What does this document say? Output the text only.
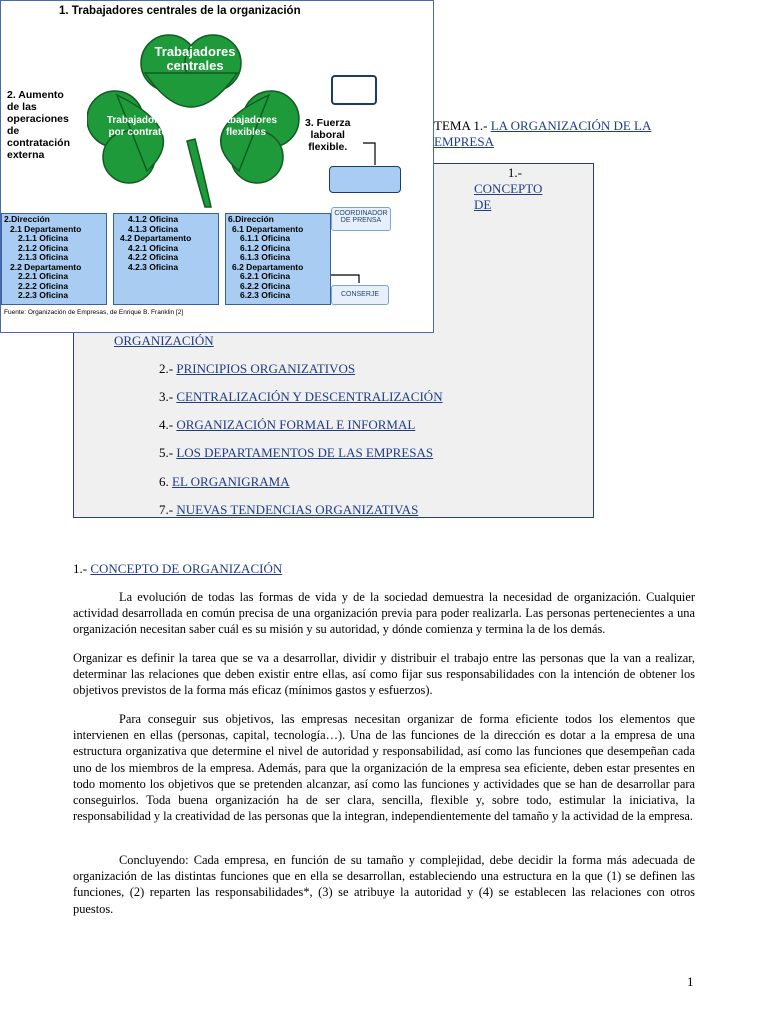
TEMA 1.- LA ORGANIZACIÓN DE LA EMPRESA
1.-
CONCEPTO
DE
ORGANIZACIÓN
2.- PRINCIPIOS ORGANIZATIVOS
3.- CENTRALIZACIÓN Y DESCENTRALIZACIÓN
4.- ORGANIZACIÓN FORMAL E INFORMAL
5.- LOS DEPARTAMENTOS DE LAS EMPRESAS
6. EL ORGANIGRAMA
7.- NUEVAS TENDENCIAS ORGANIZATIVAS
1. Trabajadores centrales de la organización
2. Aumento
de las
operaciones
de
contratación
externa
3. Fuerza
laboral
flexible.
Trabajadores
centrales
Trabajadores
por contrato
Trabajadores
flexibles
2.Dirección
2.1 Departamento
2.1.1 Oficina
2.1.2 Oficina
2.1.3 Oficina
2.2 Departamento
2.2.1 Oficina
2.2.2 Oficina
2.2.3 Oficina
4.1.2 Oficina
4.1.3 Oficina
4.2 Departamento
4.2.1 Oficina
4.2.2 Oficina
4.2.3 Oficina
6.Dirección
6.1 Departamento
6.1.1 Oficina
6.1.2 Oficina
6.1.3 Oficina
6.2 Departamento
6.2.1 Oficina
6.2.2 Oficina
6.2.3 Oficina
COORDINADOR
DE PRENSA
CONSERJE
Fuente: Organización de Empresas, de Enrique B. Franklin [2]
1.- CONCEPTO DE ORGANIZACIÓN

La evolución de todas las formas de vida y de la sociedad demuestra la necesidad de organización. Cualquier actividad desarrollada en común precisa de una organización previa para poder realizarla. Las personas pertenecientes a una organización necesitan saber cuál es su misión y su autoridad, y dónde comienza y termina la de los demás.

Organizar es definir la tarea que se va a desarrollar, dividir y distribuir el trabajo entre las personas que la van a realizar, determinar las relaciones que deben existir entre ellas, así como fijar sus responsabilidades con la intención de obtener los objetivos previstos de la forma más eficaz (mínimos gastos y esfuerzos).

Para conseguir sus objetivos, las empresas necesitan organizar de forma eficiente todos los elementos que intervienen en ellas (personas, capital, tecnología…). Una de las funciones de la dirección es dotar a la empresa de una estructura organizativa que determine el nivel de autoridad y responsabilidad, así como las funciones que desempeñan cada uno de los miembros de la empresa. Además, para que la organización de la empresa sea eficiente, deben estar presentes en todo momento los objetivos que se pretenden alcanzar, así como las funciones y actividades que se han de desarrollar para conseguirlos. Toda buena organización ha de ser clara, sencilla, flexible y, sobre todo, estimular la iniciativa, la responsabilidad y la creatividad de las personas que la integran, independientemente del tamaño y la actividad de la empresa.

Concluyendo: Cada empresa, en función de su tamaño y complejidad, debe decidir la forma más adecuada de organización de las distintas funciones que en ella se desarrollan, estableciendo una estructura en la que (1) se definen las funciones, (2) reparten las responsabilidades*, (3) se atribuye la autoridad y (4) se establecen las relaciones con otros puestos.

1
